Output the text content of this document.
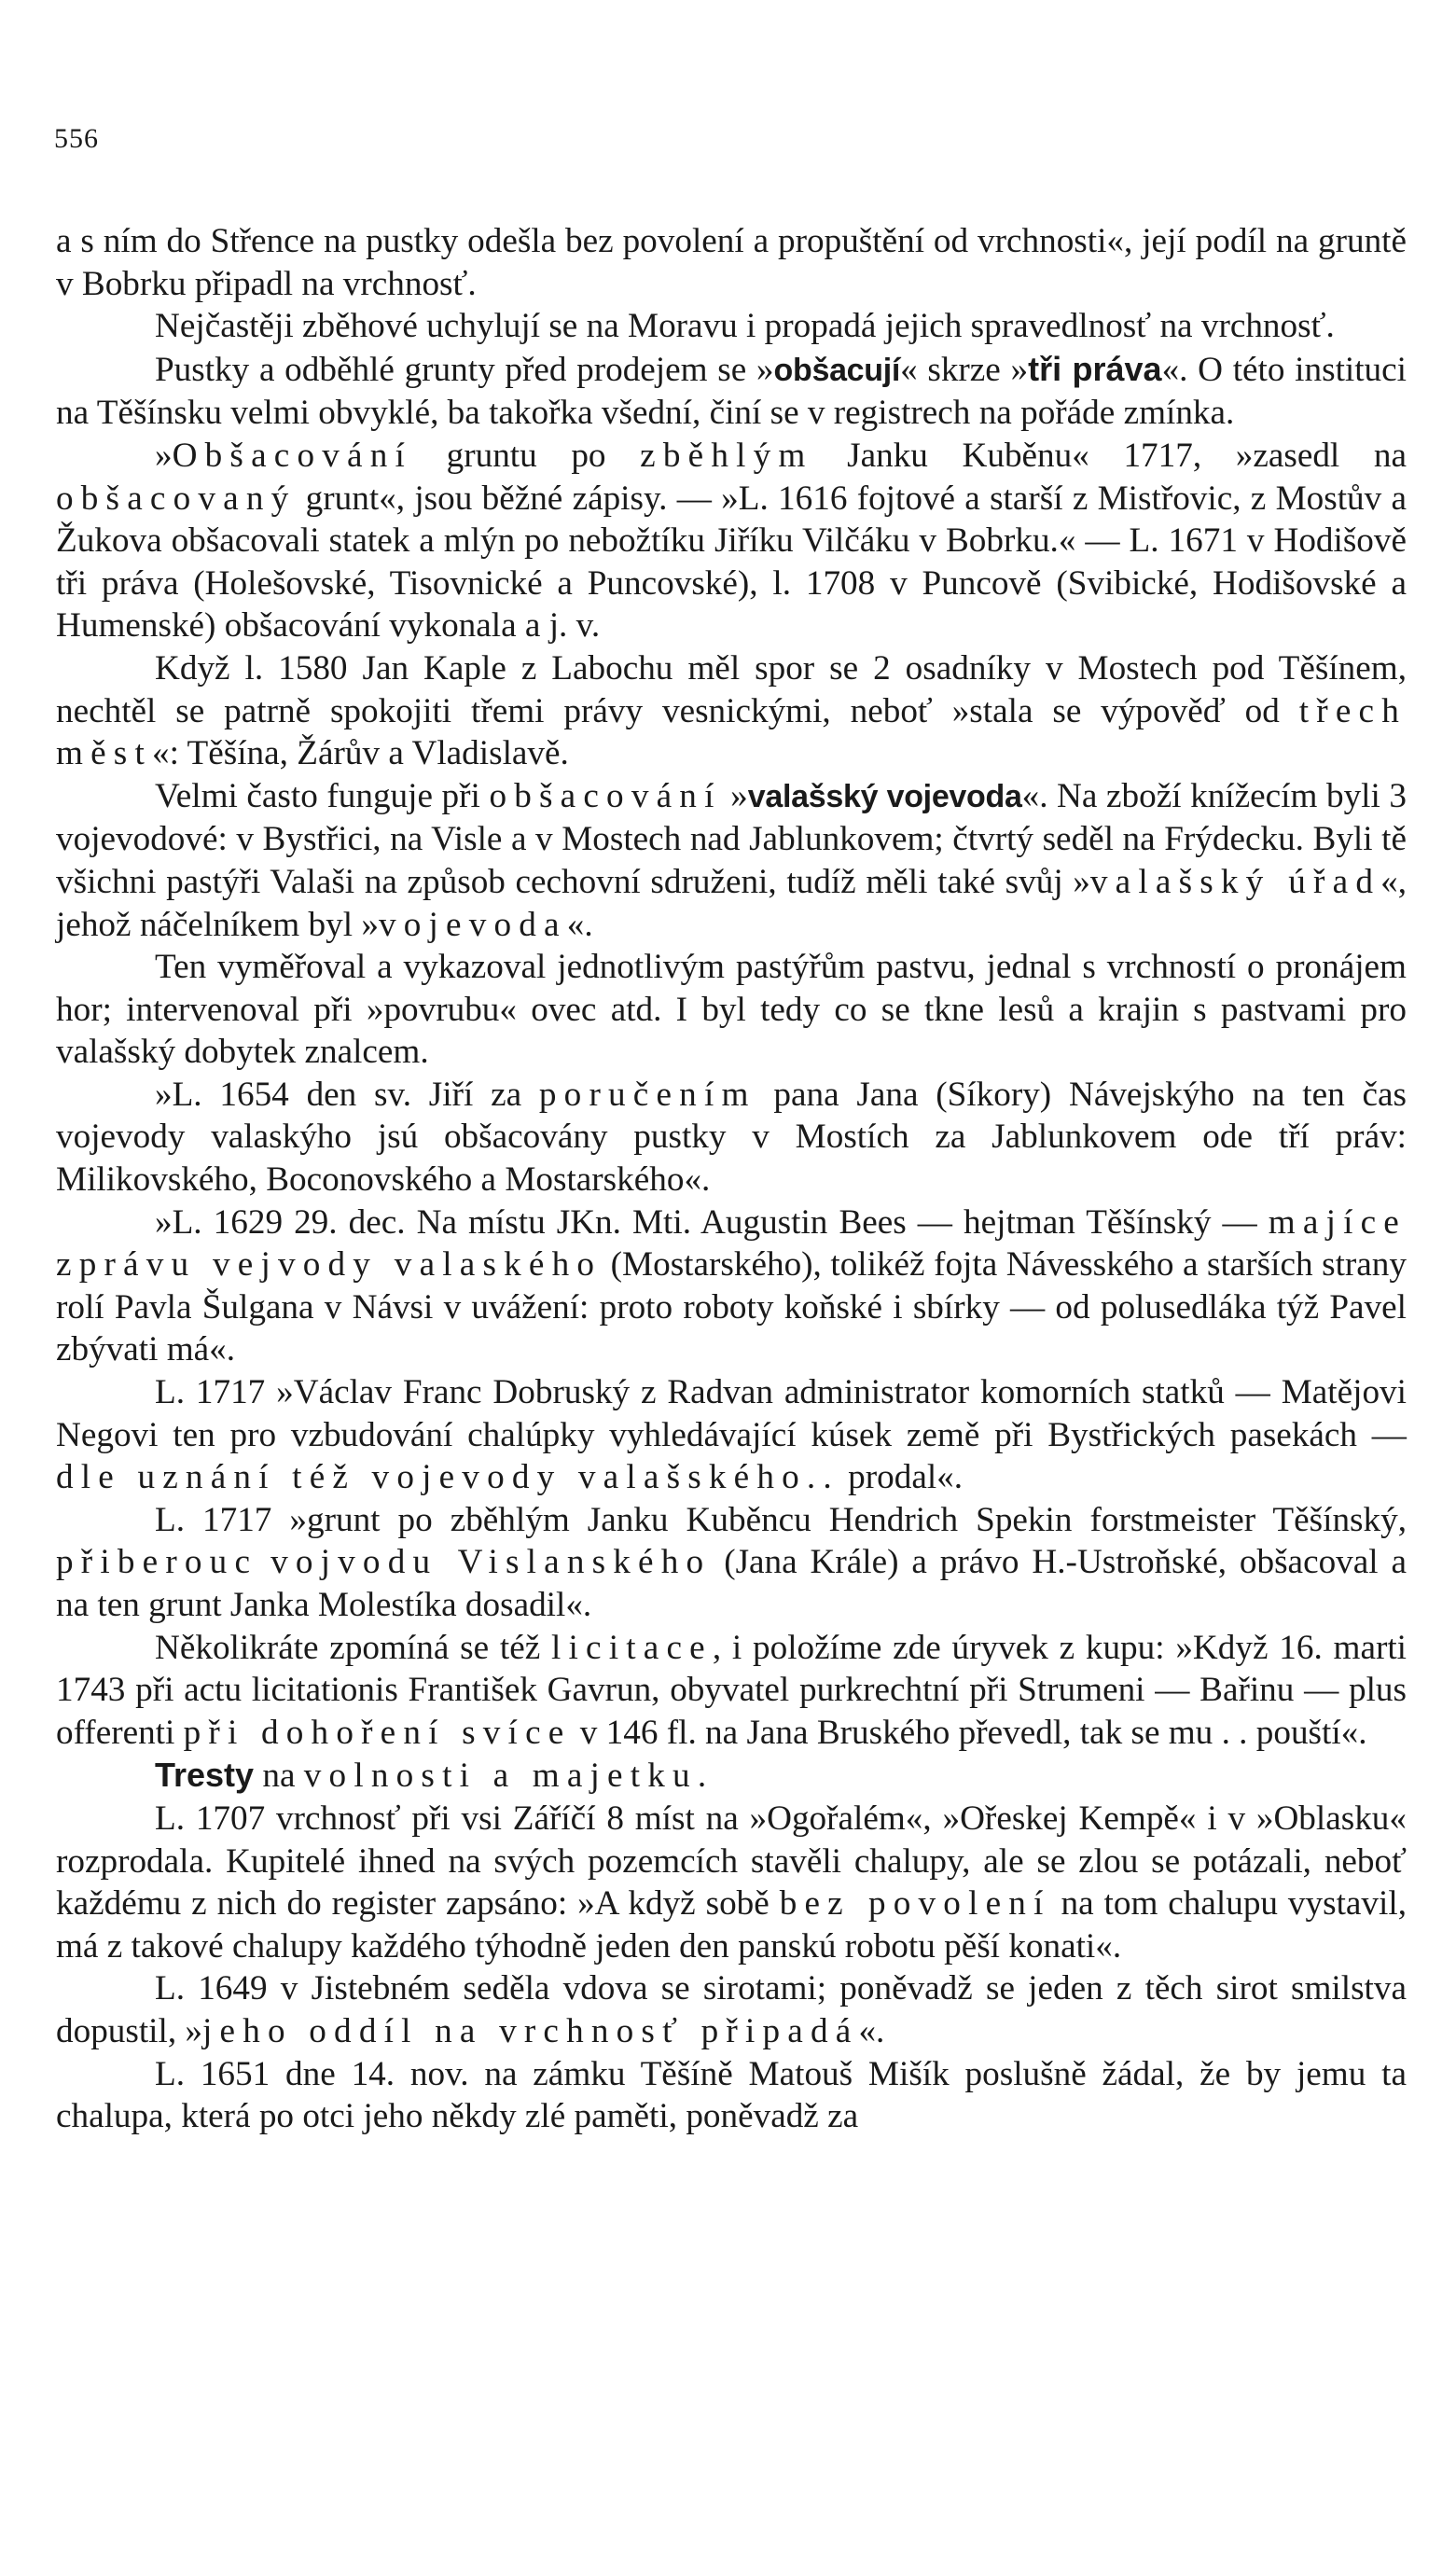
556

a s ním do Střence na pustky odešla bez povolení a propuštění od vrchnosti«, její podíl na gruntě v Bobrku připadl na vrchnosť.

Nejčastěji zběhové uchylují se na Moravu i propadá jejich spravedlnosť na vrchnosť.

Pustky a odběhlé grunty před prodejem se »obšacují« skrze »tři práva«. O této instituci na Těšínsku velmi obvyklé, ba takořka všední, činí se v registrech na pořáde zmínka.

»Obšacování gruntu po zběhlým Janku Kuběnu« 1717, »zasedl na obšacovaný grunt«, jsou běžné zápisy. — »L. 1616 fojtové a starší z Mistřovic, z Mostův a Žukova obšacovali statek a mlýn po nebožtíku Jiříku Vilčáku v Bobrku.« — L. 1671 v Hodišově tři práva (Holešovské, Tisovnické a Puncovské), l. 1708 v Puncově (Svibické, Hodišovské a Humenské) obšacování vykonala a j. v.

Když l. 1580 Jan Kaple z Labochu měl spor se 2 osadníky v Mostech pod Těšínem, nechtěl se patrně spokojiti třemi právy vesnickými, neboť »stala se výpověď od třech měst«: Těšína, Žárův a Vladislavě.

Velmi často funguje při obšacování »valašský vojevoda«. Na zboží knížecím byli 3 vojevodové: v Bystřici, na Visle a v Mostech nad Jablunkovem; čtvrtý seděl na Frýdecku. Byli tě všichni pastýři Valaši na způsob cechovní sdruženi, tudíž měli také svůj »valašský úřad«, jehož náčelníkem byl »vojevoda«.

Ten vyměřoval a vykazoval jednotlivým pastýřům pastvu, jednal s vrchností o pronájem hor; intervenoval při »povrubu« ovec atd. I byl tedy co se tkne lesů a krajin s pastvami pro valašský dobytek znalcem.

»L. 1654 den sv. Jiří za poručením pana Jana (Síkory) Návejskýho na ten čas vojevody valaskýho jsú obšacovány pustky v Mostích za Jablunkovem ode tří práv: Milikovského, Boconovského a Mostarského«.

»L. 1629 29. dec. Na místu JKn. Mti. Augustin Bees — hejtman Těšínský — majíce zprávu vejvody valaského (Mostarského), tolikéž fojta Návesského a starších strany rolí Pavla Šulgana v Návsi v uvážení: proto roboty koňské i sbírky — od polusedláka týž Pavel zbývati má«.

L. 1717 »Václav Franc Dobruský z Radvan administrator komorních statků — Matějovi Negovi ten pro vzbudování chalúpky vyhledávající kúsek země při Bystřických pasekách — dle uznání též vojevody valašského.. prodal«.

L. 1717 »grunt po zběhlým Janku Kuběncu Hendrich Spekin forstmeister Těšínský, přiberouc vojvodu Vislanského (Jana Krále) a právo H.-Ustroňské, obšacoval a na ten grunt Janka Molestíka dosadil«.

Několikráte zpomíná se též licitace, i položíme zde úryvek z kupu: »Když 16. marti 1743 při actu licitationis František Gavrun, obyvatel purkrechtní při Strumeni — Bařinu — plus offerenti při dohoření svíce v 146 fl. na Jana Bruského převedl, tak se mu . . pouští«.

Tresty na volnosti a majetku.

L. 1707 vrchnosť při vsi Záříčí 8 míst na »Ogořalém«, »Ořeskej Kempě« i v »Oblasku« rozprodala. Kupitelé ihned na svých pozemcích stavěli chalupy, ale se zlou se potázali, neboť každému z nich do register zapsáno: »A když sobě bez povolení na tom chalupu vystavil, má z takové chalupy každého týhodně jeden den panskú robotu pěší konati«.

L. 1649 v Jistebném seděla vdova se sirotami; poněvadž se jeden z těch sirot smilstva dopustil, »jeho oddíl na vrchnosť připadá«.

L. 1651 dne 14. nov. na zámku Těšíně Matouš Mišík poslušně žádal, že by jemu ta chalupa, která po otci jeho někdy zlé paměti, poněvadž za
